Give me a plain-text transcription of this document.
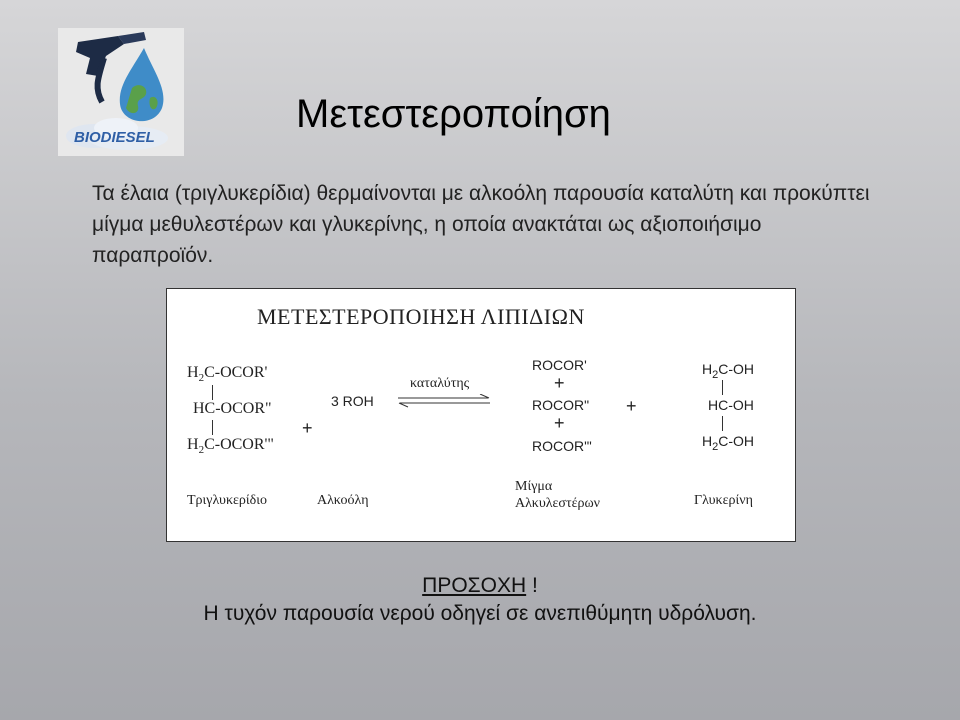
BIODIESEL
Μετεστεροποίηση

Τα έλαια (τριγλυκερίδια) θερμαίνονται με αλκοόλη παρουσία καταλύτη και προκύπτει μίγμα μεθυλεστέρων και γλυκερίνης, η οποία ανακτάται ως αξιοποιήσιμο παραπροϊόν.

ΜΕΤΕΣΤΕΡΟΠΟΙΗΣΗ ΛΙΠΙΔΙΩΝ
$H_2C-OCOR'$
HC-OCOR"
$H_2C-OCOR'$"
+
3 ROH
καταλύτης
ROCOR'
+
ROCOR"
+
ROCOR'"
+
$H_2C-OH$
HC-OH
$H_2C-OH$
Τριγλυκερίδιο	Αλκοόλη
Μίγμα
Αλκυλεστέρων	Γλυκερίνη
ΠΡΟΣΟΧΗ !
Η τυχόν παρουσία νερού οδηγεί σε ανεπιθύμητη υδρόλυση.
